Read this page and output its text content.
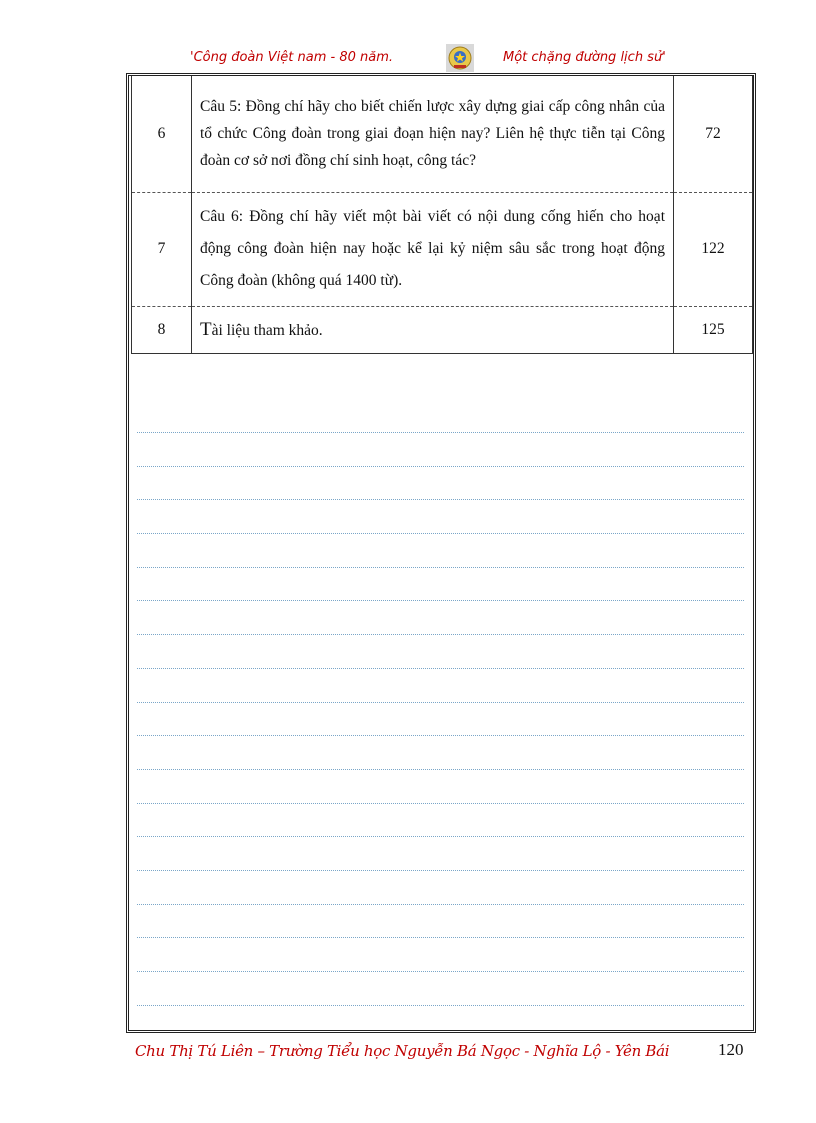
'Công đoàn Việt nam - 80 năm.	Một chặng đường lịch sử'
6	Câu 5: Đồng chí hãy cho biết chiến lược xây dựng giai cấp công nhân của tổ chức Công đoàn trong giai đoạn hiện nay? Liên hệ thực tiễn tại Công đoàn cơ sở nơi đồng chí sinh hoạt, công tác?	72
7	Câu 6: Đồng chí hãy viết một bài viết có nội dung cống hiến cho hoạt động công đoàn hiện nay hoặc kể lại kỷ niệm sâu sắc trong hoạt động Công đoàn (không quá 1400 từ).	122
8	Tài liệu tham khảo.	125
Chu Thị Tú Liên – Trường Tiểu học Nguyễn Bá Ngọc - Nghĩa Lộ - Yên Bái	120
